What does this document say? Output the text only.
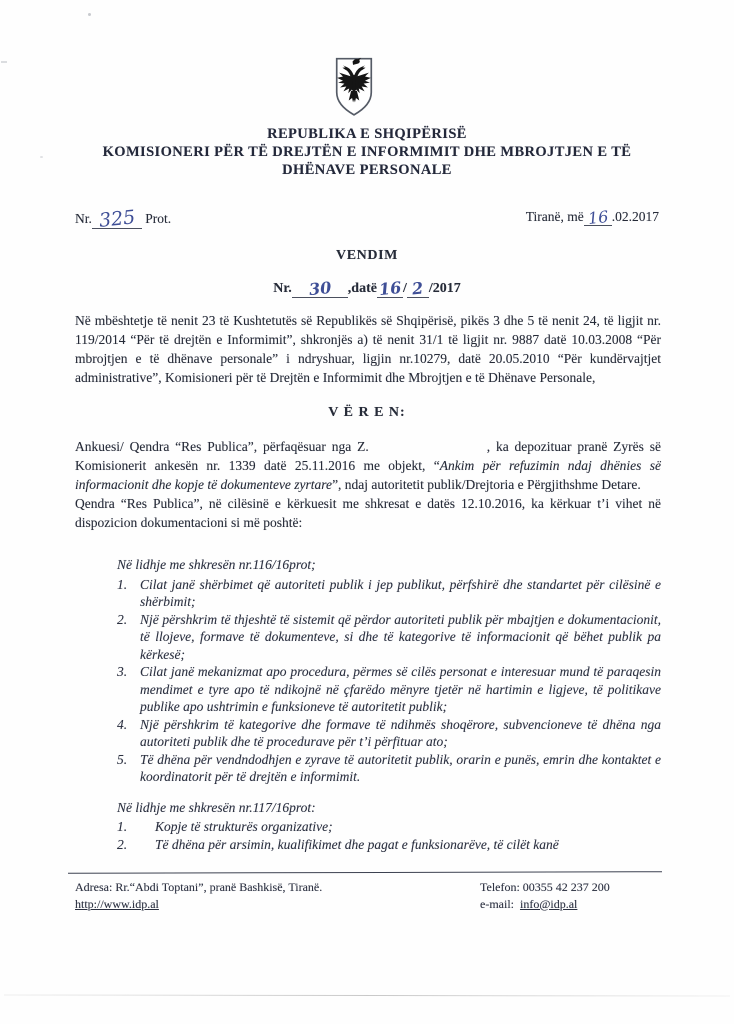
REPUBLIKA E SHQIPËRISË
KOMISIONERI PËR TË DREJTËN E INFORMIMIT DHE MBROJTJEN E TË
DHËNAVE PERSONALE
Nr. 325 Prot.	Tiranë, më 16 .02.2017
VENDIM
Nr. 30 ,datë16/ 2 /2017
Në mbështetje të nenit 23 të Kushtetutës së Republikës së Shqipërisë, pikës 3 dhe 5 të nenit 24, të ligjit nr. 119/2014 “Për të drejtën e Informimit”, shkronjës a) të nenit 31/1 të ligjit nr. 9887 datë 10.03.2008 “Për mbrojtjen e të dhënave personale” i ndryshuar, ligjin nr.10279, datë 20.05.2010 “Për kundërvajtjet administrative”, Komisioneri për të Drejtën e Informimit dhe Mbrojtjen e të Dhënave Personale,
V Ë R E N:

Ankuesi/ Qendra “Res Publica”, përfaqësuar nga Z.	, ka depozituar pranë Zyrës së Komisionerit ankesën nr. 1339 datë 25.11.2016 me objekt, “Ankim për refuzimin ndaj dhënies së informacionit dhe kopje të dokumenteve zyrtare”, ndaj autoritetit publik/Drejtoria e Përgjithshme Detare.

Qendra “Res Publica”, në cilësinë e kërkuesit me shkresat e datës 12.10.2016, ka kërkuar t’i vihet në dispozicion dokumentacioni si më poshtë:

Në lidhje me shkresën nr.116/16prot;

1. Cilat janë shërbimet që autoriteti publik i jep publikut, përfshirë dhe standartet për cilësinë e shërbimit;
2. Një përshkrim të thjeshtë të sistemit që përdor autoriteti publik për mbajtjen e dokumentacionit, të llojeve, formave të dokumenteve, si dhe të kategorive të informacionit që bëhet publik pa kërkesë;
3. Cilat janë mekanizmat apo procedura, përmes së cilës personat e interesuar mund të paraqesin mendimet e tyre apo të ndikojnë në çfarëdo mënyre tjetër në hartimin e ligjeve, të politikave publike apo ushtrimin e funksioneve të autoritetit publik;
4. Një përshkrim të kategorive dhe formave të ndihmës shoqërore, subvencioneve të dhëna nga autoriteti publik dhe të procedurave për t’i përfituar ato;
5. Të dhëna për vendndodhjen e zyrave të autoritetit publik, orarin e punës, emrin dhe kontaktet e koordinatorit për të drejtën e informimit.

Në lidhje me shkresën nr.117/16prot:

1.	Kopje të strukturës organizative;
2.	Të dhëna për arsimin, kualifikimet dhe pagat e funksionarëve, të cilët kanë
Adresa: Rr.“Abdi Toptani”, pranë Bashkisë, Tiranë.
http://www.idp.al
Telefon: 00355 42 237 200
e-mail: info@idp.al
